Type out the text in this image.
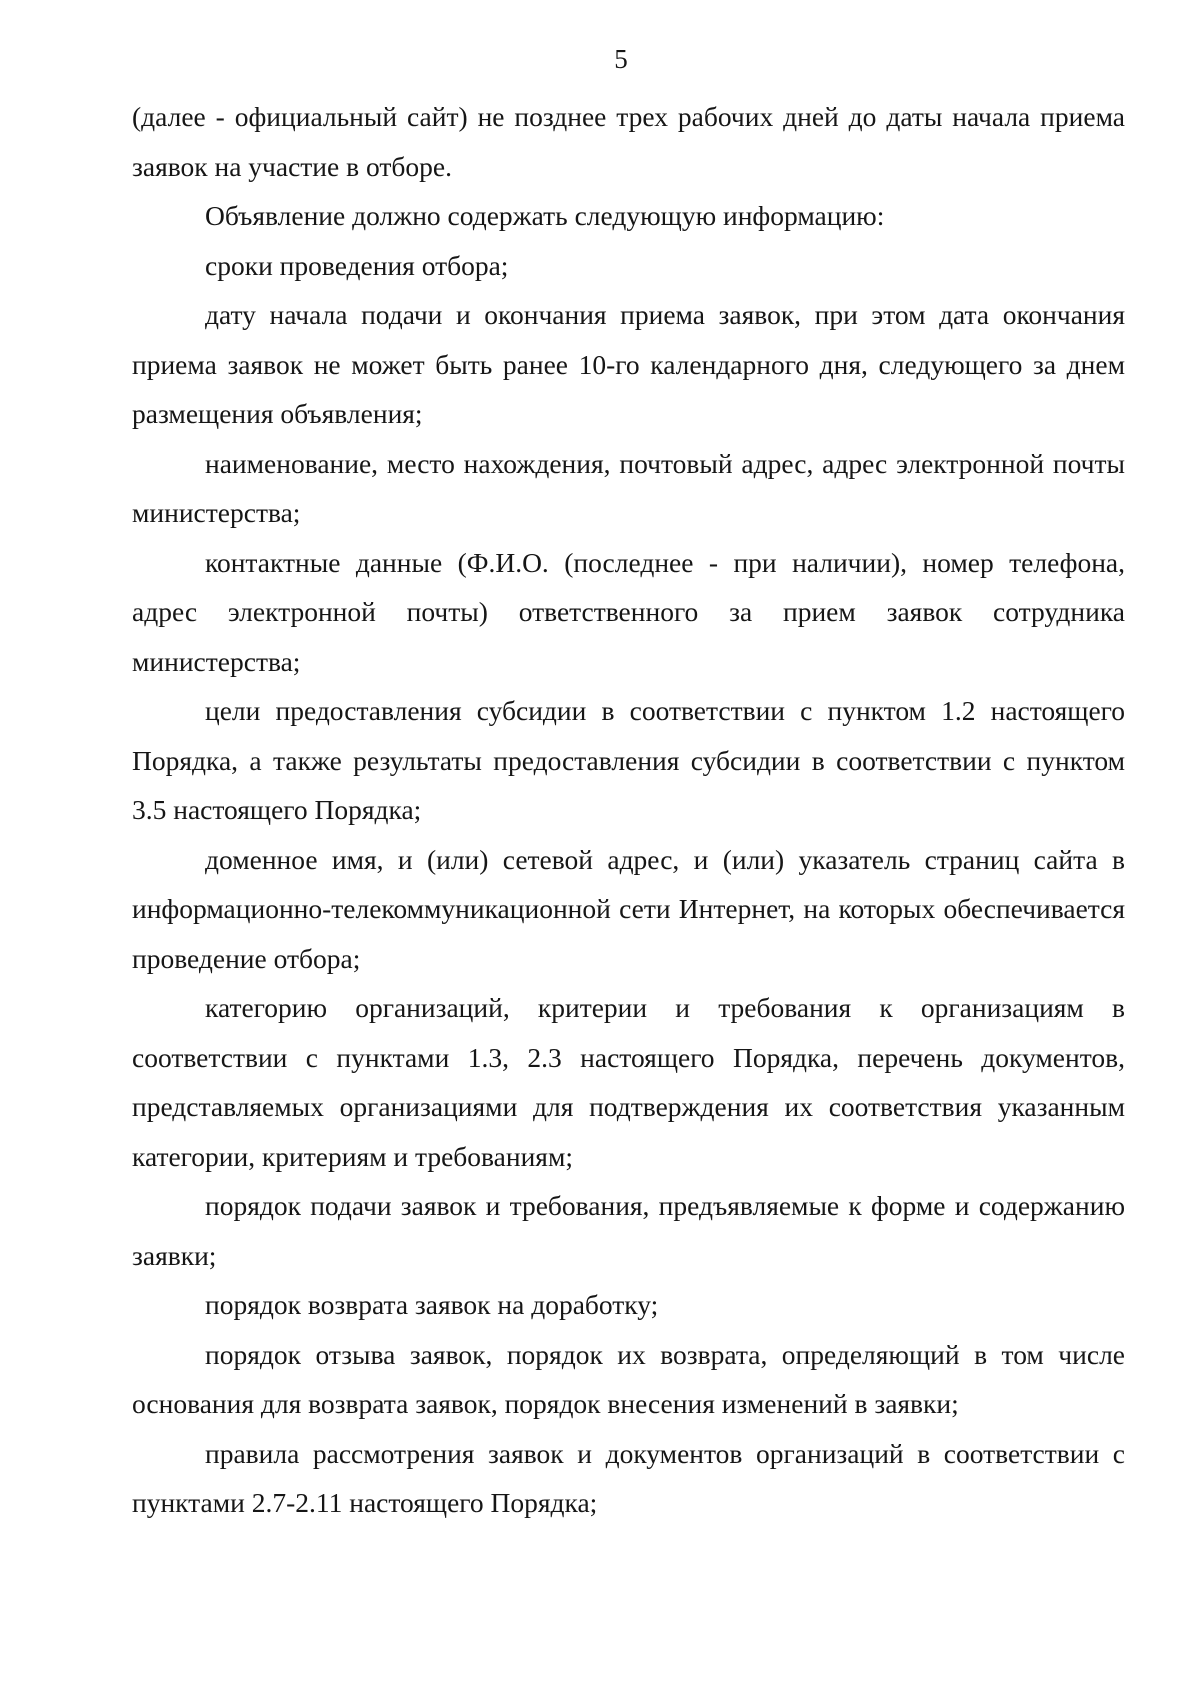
5

(далее - официальный сайт) не позднее трех рабочих дней до даты начала приема заявок на участие в отборе.

Объявление должно содержать следующую информацию:

сроки проведения отбора;

дату начала подачи и окончания приема заявок, при этом дата окончания приема заявок не может быть ранее 10-го календарного дня, следующего за днем размещения объявления;

наименование, место нахождения, почтовый адрес, адрес электронной почты министерства;

контактные данные (Ф.И.О. (последнее - при наличии), номер телефона, адрес электронной почты) ответственного за прием заявок сотрудника министерства;

цели предоставления субсидии в соответствии с пунктом 1.2 настоящего Порядка, а также результаты предоставления субсидии в соответствии с пунктом 3.5 настоящего Порядка;

доменное имя, и (или) сетевой адрес, и (или) указатель страниц сайта в информационно-телекоммуникационной сети Интернет, на которых обеспечивается проведение отбора;

категорию организаций, критерии и требования к организациям в соответствии с пунктами 1.3, 2.3 настоящего Порядка, перечень документов, представляемых организациями для подтверждения их соответствия указанным категории, критериям и требованиям;

порядок подачи заявок и требования, предъявляемые к форме и содержанию заявки;

порядок возврата заявок на доработку;

порядок отзыва заявок, порядок их возврата, определяющий в том числе основания для возврата заявок, порядок внесения изменений в заявки;

правила рассмотрения заявок и документов организаций в соответствии с пунктами 2.7-2.11 настоящего Порядка;
